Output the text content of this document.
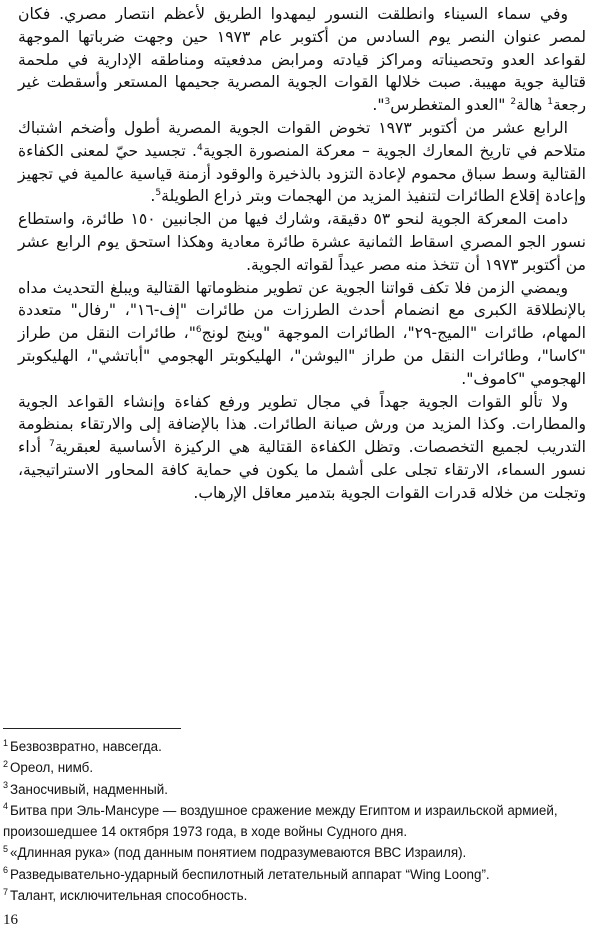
وفي سماء السيناء وانطلقت النسور ليمهدوا الطريق لأعظم انتصار مصري. فكان لمصر عنوان النصر يوم السادس من أكتوبر عام ١٩٧٣ حين وجهت ضرباتها الموجهة لقواعد العدو وتحصيناته ومراكز قيادته ومرابض مدفعيته ومناطقه الإدارية في ملحمة قتالية جوية مهيبة. صبت خلالها القوات الجوية المصرية جحيمها المستعر وأسقطت غير رجعة$^1$ هالة$^2$ "العدو المتغطرس$^3$".

الرابع عشر من أكتوبر ١٩٧٣ تخوض القوات الجوية المصرية أطول وأضخم اشتباك متلاحم في تاريخ المعارك الجوية – معركة المنصورة الجوية$^4$. تجسيد حيّ لمعنى الكفاءة القتالية وسط سباق محموم لإعادة التزود بالذخيرة والوقود أزمنة قياسية عالمية في تجهيز وإعادة إقلاع الطائرات لتنفيذ المزيد من الهجمات وبتر ذراع الطويلة$^5$.

دامت المعركة الجوية لنحو ٥٣ دقيقة، وشارك فيها من الجانبين ١٥٠ طائرة، واستطاع نسور الجو المصري اسقاط الثمانية عشرة طائرة معادية وهكذا استحق يوم الرابع عشر من أكتوبر ١٩٧٣ أن تتخذ منه مصر عيداً لقواته الجوية.

ويمضي الزمن فلا تكف قواتنا الجوية عن تطوير منظوماتها القتالية ويبلغ التحديث مداه بالإنطلاقة الكبرى مع انضمام أحدث الطرزات من طائرات "إف-١٦"، "رفال" متعددة المهام، طائرات "الميج-٢٩"، الطائرات الموجهة "وينج لونج$^6$"، طائرات النقل من طراز "كاسا"، وطائرات النقل من طراز "اليوشن"، الهليكوبتر الهجومي "أباتشي"، الهليكوبتر الهجومي "كاموف".

ولا تألو القوات الجوية جهداً في مجال تطوير ورفع كفاءة وإنشاء القواعد الجوية والمطارات. وكذا المزيد من ورش صيانة الطائرات. هذا بالإضافة إلى والارتقاء بمنظومة التدريب لجميع التخصصات. وتظل الكفاءة القتالية هي الركيزة الأساسية لعبقرية$^7$ أداء نسور السماء، الارتقاء تجلى على أشمل ما يكون في حماية كافة المحاور الاستراتيجية، وتجلت من خلاله قدرات القوات الجوية بتدمير معاقل الإرهاب.

$^1$ Безвозвратно, навсегда.
$^2$ Ореол, нимб.
$^3$ Заносчивый, надменный.
$^4$ Битва при Эль-Мансуре — воздушное сражение между Египтом и израильской армией, произошедшее 14 октября 1973 года, в ходе войны Судного дня.
$^5$ «Длинная рука» (под данным понятием подразумеваются ВВС Израиля).
$^6$ Разведывательно-ударный беспилотный летательный аппарат “Wing Loong”.
$^7$ Талант, исключительная способность.
16
